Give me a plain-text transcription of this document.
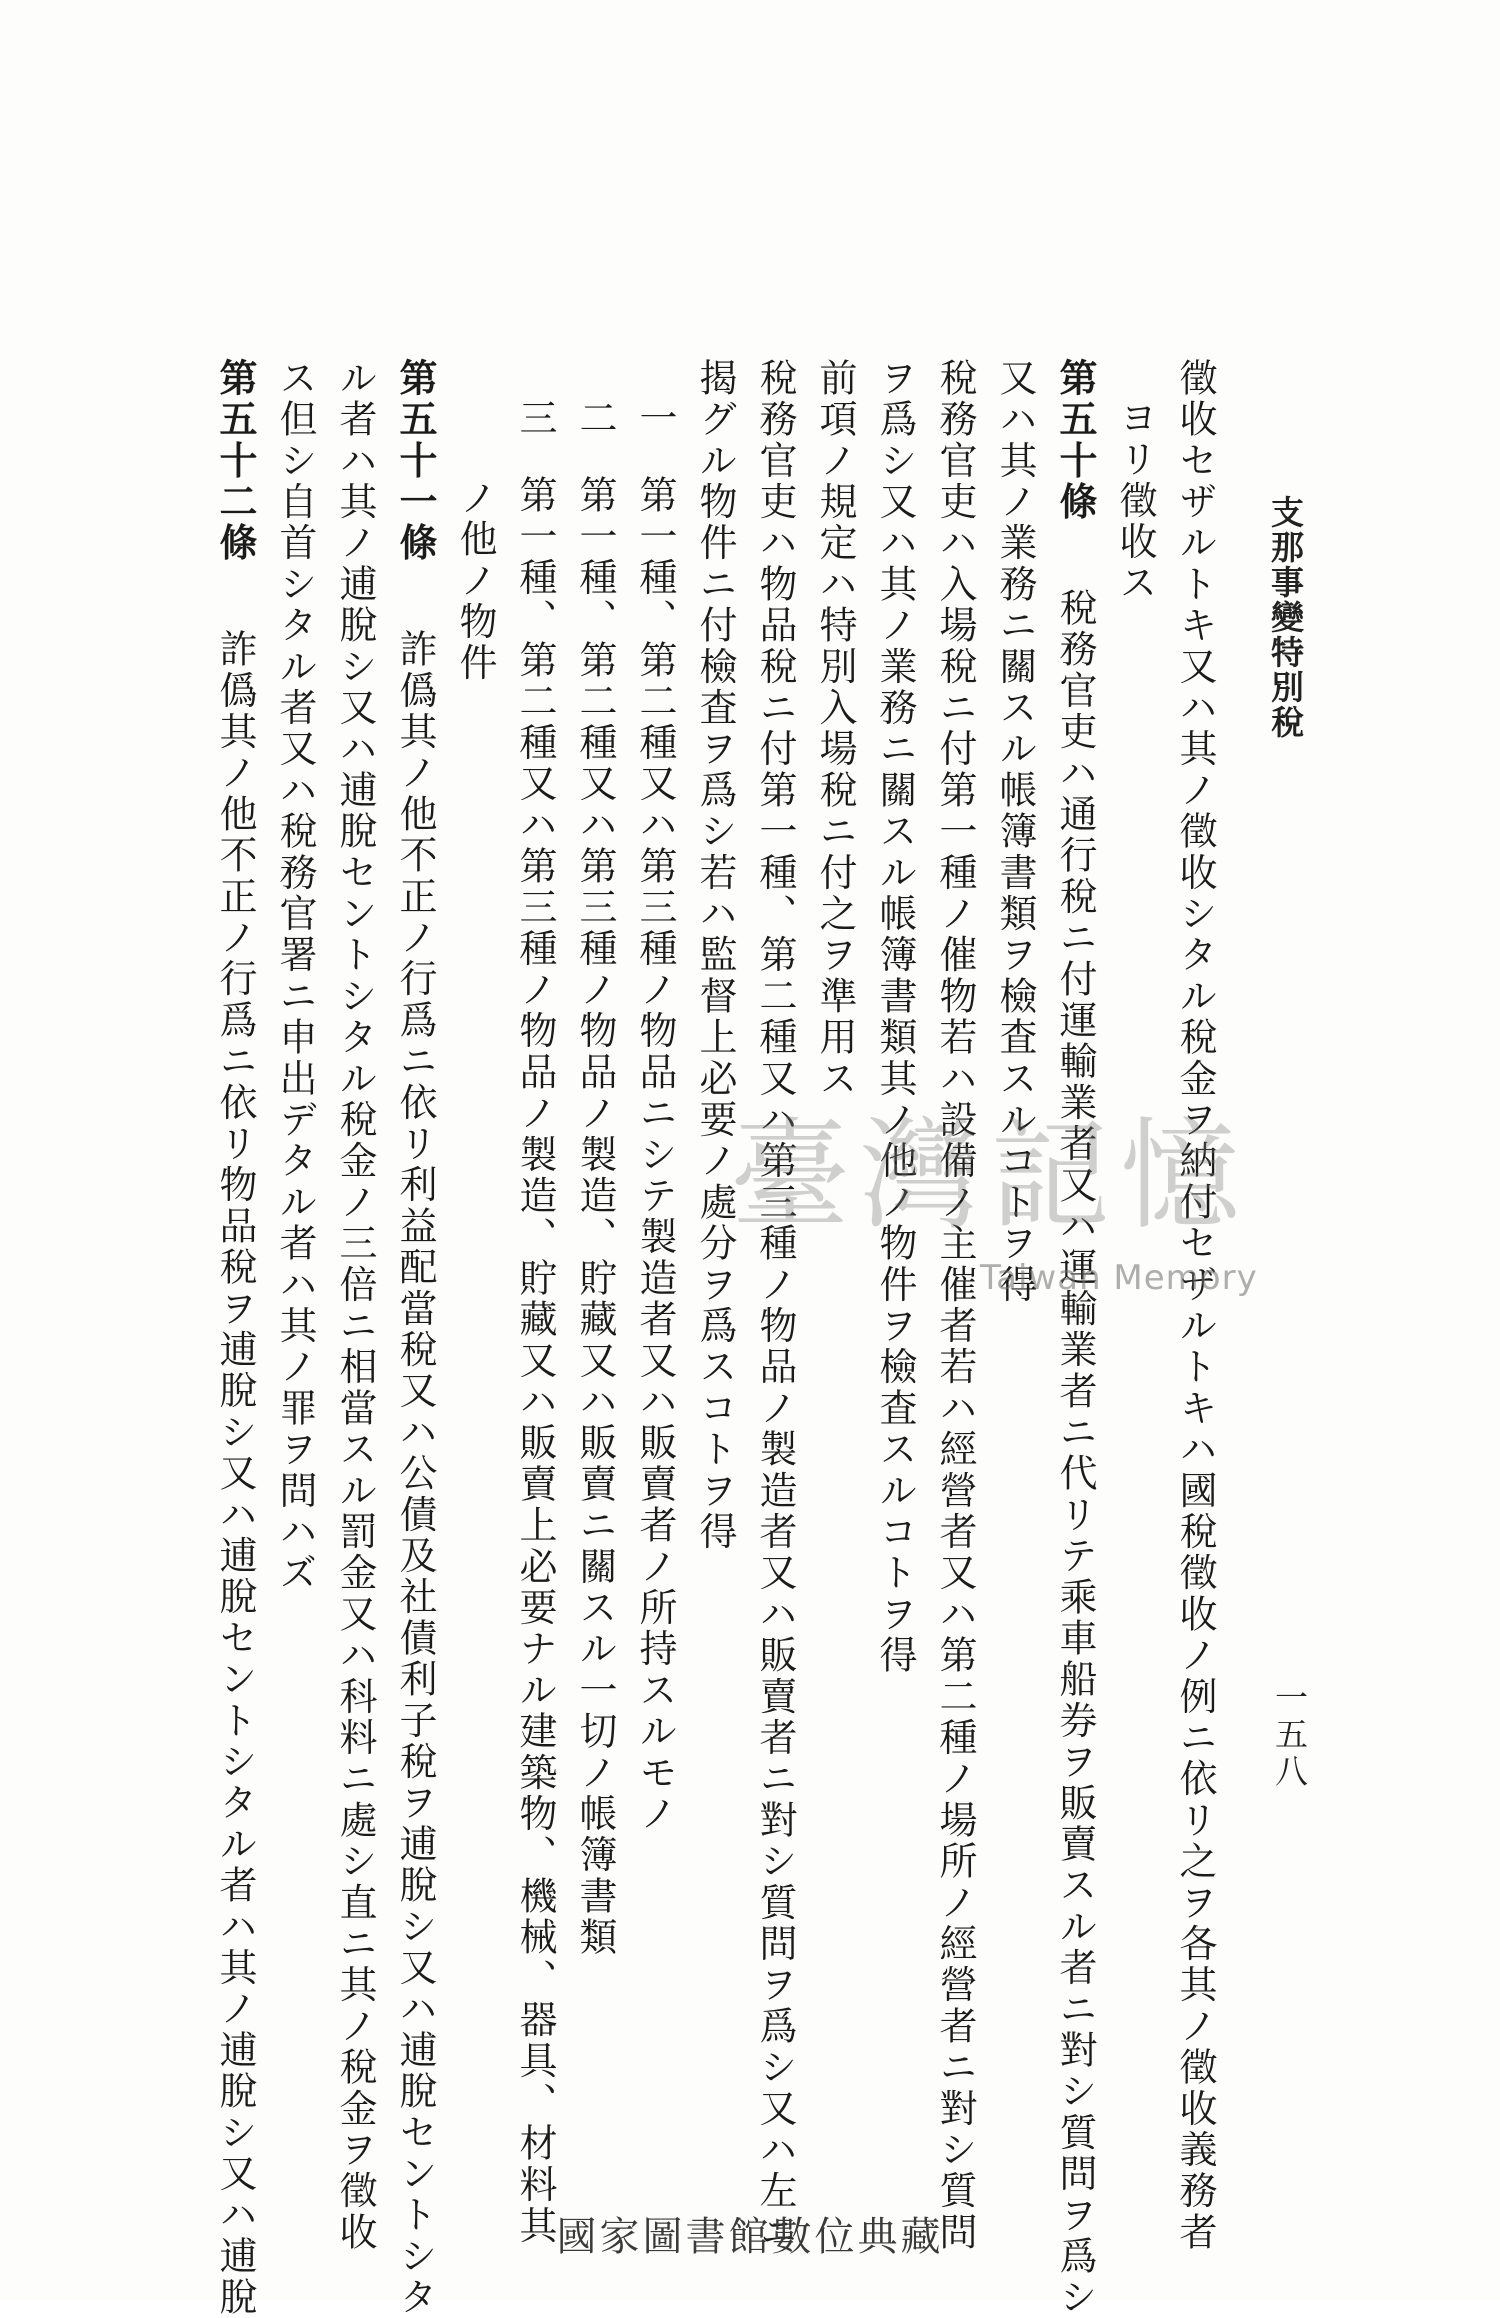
支那事變特別稅
一五八
徵收セザルトキ又ハ其ノ徵收シタル稅金ヲ納付セザルトキハ國稅徵收ノ例ニ依リ之ヲ各其ノ徵收義務者
ヨリ徵收ス
第五十條　稅務官吏ハ通行稅ニ付運輸業者又ハ運輸業者ニ代リテ乘車船券ヲ販賣スル者ニ對シ質問ヲ爲シ
又ハ其ノ業務ニ關スル帳簿書類ヲ檢査スルコトヲ得
稅務官吏ハ入場稅ニ付第一種ノ催物若ハ設備ノ主催者若ハ經營者又ハ第二種ノ場所ノ經營者ニ對シ質問
ヲ爲シ又ハ其ノ業務ニ關スル帳簿書類其ノ他ノ物件ヲ檢査スルコトヲ得
前項ノ規定ハ特別入場稅ニ付之ヲ準用ス
稅務官吏ハ物品稅ニ付第一種、第二種又ハ第三種ノ物品ノ製造者又ハ販賣者ニ對シ質問ヲ爲シ又ハ左ニ
揭グル物件ニ付檢査ヲ爲シ若ハ監督上必要ノ處分ヲ爲スコトヲ得
一第一種、第二種又ハ第三種ノ物品ニシテ製造者又ハ販賣者ノ所持スルモノ
二第一種、第二種又ハ第三種ノ物品ノ製造、貯藏又ハ販賣ニ關スル一切ノ帳簿書類
三第一種、第二種又ハ第三種ノ物品ノ製造、貯藏又ハ販賣上必要ナル建築物、機械、器具、材料其
ノ他ノ物件
第五十一條　詐僞其ノ他不正ノ行爲ニ依リ利益配當稅又ハ公債及社債利子稅ヲ逋脫シ又ハ逋脫セントシタ
ル者ハ其ノ逋脫シ又ハ逋脫セントシタル稅金ノ三倍ニ相當スル罰金又ハ科料ニ處シ直ニ其ノ稅金ヲ徵收
ス但シ自首シタル者又ハ稅務官署ニ申出デタル者ハ其ノ罪ヲ問ハズ
第五十二條　詐僞其ノ他不正ノ行爲ニ依リ物品稅ヲ逋脫シ又ハ逋脫セントシタル者ハ其ノ逋脫シ又ハ逋脫	臺灣記憶
Taiwan Memory
國家圖書館數位典藏
